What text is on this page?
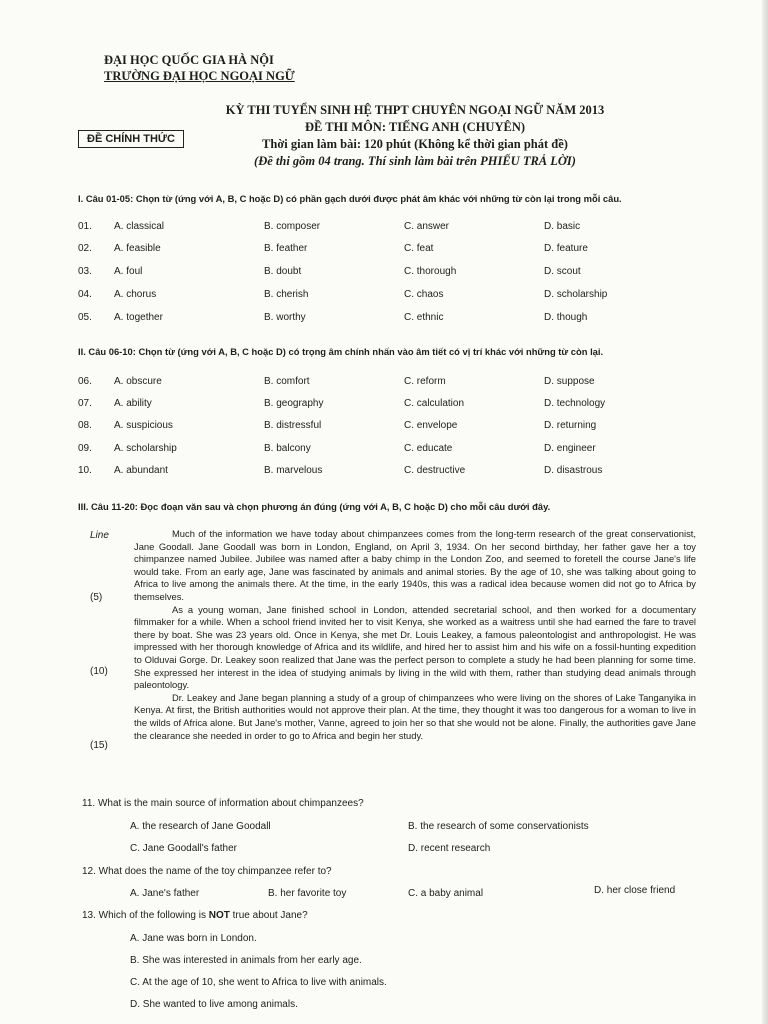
ĐẠI HỌC QUỐC GIA HÀ NỘI
TRƯỜNG ĐẠI HỌC NGOẠI NGỮ
KỲ THI TUYỂN SINH HỆ THPT CHUYÊN NGOẠI NGỮ NĂM 2013
ĐỀ THI MÔN: TIẾNG ANH (CHUYÊN)
ĐỀ CHÍNH THỨC	Thời gian làm bài: 120 phút (Không kể thời gian phát đề)
(Đề thi gồm 04 trang. Thí sinh làm bài trên PHIẾU TRẢ LỜI)
I. Câu 01-05: Chọn từ (ứng với A, B, C hoặc D) có phần gạch dưới được phát âm khác với những từ còn lại trong mỗi câu.
01. A. classical	B. composer	C. answer	D. basic
02. A. feasible	B. feather	C. feat	D. feature
03. A. foul	B. doubt	C. thorough	D. scout
04. A. chorus	B. cherish	C. chaos	D. scholarship
05. A. together	B. worthy	C. ethnic	D. though
II. Câu 06-10: Chọn từ (ứng với A, B, C hoặc D) có trọng âm chính nhấn vào âm tiết có vị trí khác với những từ còn lại.
06. A. obscure	B. comfort	C. reform	D. suppose
07. A. ability	B. geography	C. calculation	D. technology
08. A. suspicious	B. distressful	C. envelope	D. returning
09. A. scholarship	B. balcony	C. educate	D. engineer
10. A. abundant	B. marvelous	C. destructive	D. disastrous
III. Câu 11-20: Đọc đoạn văn sau và chọn phương án đúng (ứng với A, B, C hoặc D) cho mỗi câu dưới đây.
Line
(5)
(10)
(15)

Much of the information we have today about chimpanzees comes from the long-term research of the great conservationist, Jane Goodall. Jane Goodall was born in London, England, on April 3, 1934. On her second birthday, her father gave her a toy chimpanzee named Jubilee. Jubilee was named after a baby chimp in the London Zoo, and seemed to foretell the course Jane's life would take. From an early age, Jane was fascinated by animals and animal stories. By the age of 10, she was talking about going to Africa to live among the animals there. At the time, in the early 1940s, this was a radical idea because women did not go to Africa by themselves.

As a young woman, Jane finished school in London, attended secretarial school, and then worked for a documentary filmmaker for a while. When a school friend invited her to visit Kenya, she worked as a waitress until she had earned the fare to travel there by boat. She was 23 years old. Once in Kenya, she met Dr. Louis Leakey, a famous paleontologist and anthropologist. He was impressed with her thorough knowledge of Africa and its wildlife, and hired her to assist him and his wife on a fossil-hunting expedition to Olduvai Gorge. Dr. Leakey soon realized that Jane was the perfect person to complete a study he had been planning for some time. She expressed her interest in the idea of studying animals by living in the wild with them, rather than studying dead animals through paleontology.

Dr. Leakey and Jane began planning a study of a group of chimpanzees who were living on the shores of Lake Tanganyika in Kenya. At first, the British authorities would not approve their plan. At the time, they thought it was too dangerous for a woman to live in the wilds of Africa alone. But Jane's mother, Vanne, agreed to join her so that she would not be alone. Finally, the authorities gave Jane the clearance she needed in order to go to Africa and begin her study.

11. What is the main source of information about chimpanzees?
A. the research of Jane Goodall	B. the research of some conservationists
C. Jane Goodall's father	D. recent research
12. What does the name of the toy chimpanzee refer to?
A. Jane's father	B. her favorite toy	C. a baby animal	D. her close friend
13. Which of the following is NOT true about Jane?
A. Jane was born in London.
B. She was interested in animals from her early age.
C. At the age of 10, she went to Africa to live with animals.
D. She wanted to live among animals.
